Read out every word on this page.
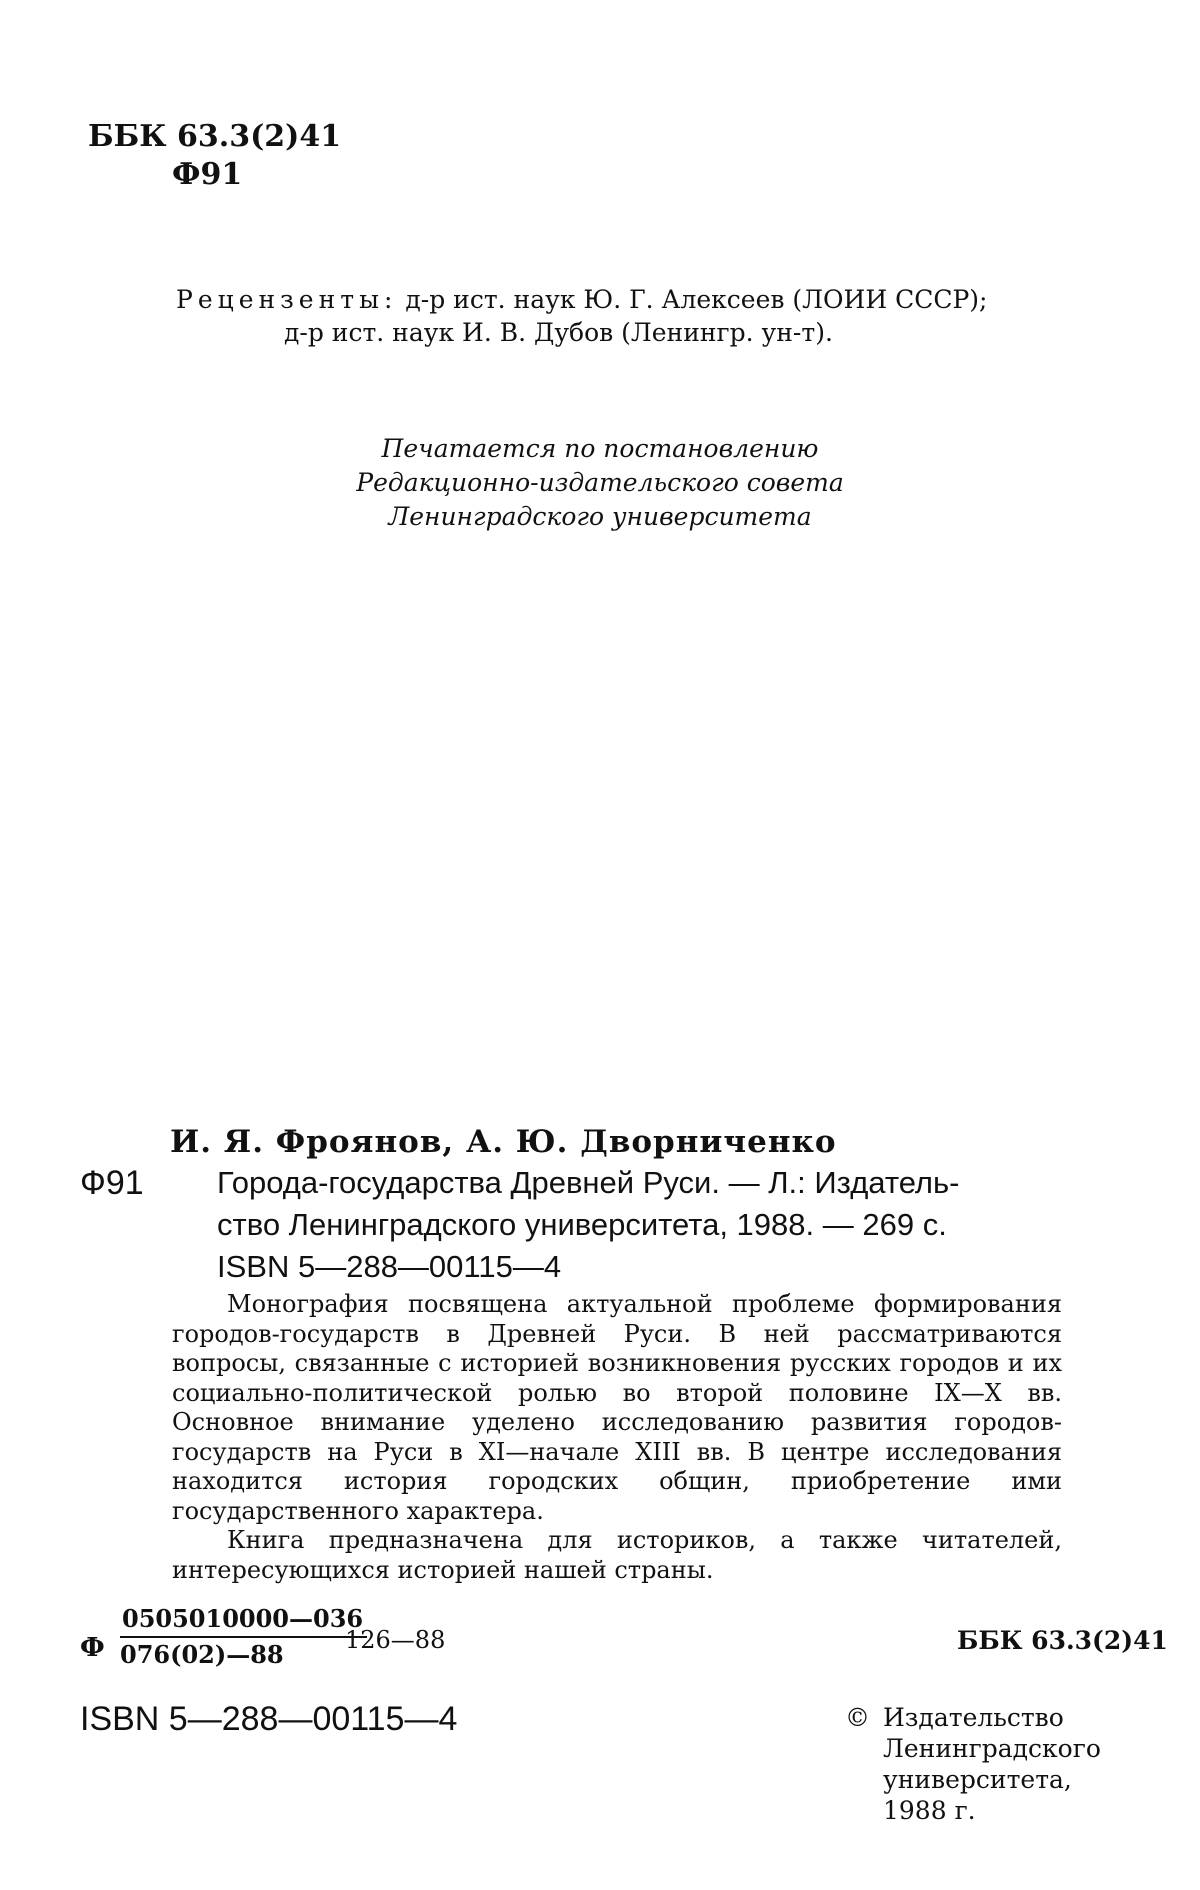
ББК 63.3(2)41
Ф91
Рецензенты: д-р ист. наук Ю. Г. Алексеев (ЛОИИ СССР);
д-р ист. наук И. В. Дубов (Ленингр. ун-т).
Печатается по постановлению
Редакционно-издательского совета
Ленинградского университета
И. Я. Фроянов, А. Ю. Дворниченко
Ф91 Города-государства Древней Руси. — Л.: Издатель-
ство Ленинградского университета, 1988. — 269 с.
ISBN 5—288—00115—4

Монография посвящена актуальной проблеме формирования городов-государств в Древней Руси. В ней рассматриваются вопросы, связанные с историей возникновения русских городов и их социально-политической ролью во второй половине IX—X вв. Основное внимание уделено исследованию развития городов-государств на Руси в XI—начале XIII вв. В центре исследования находится история городских общин, приобретение ими государственного характера.

Книга предназначена для историков, а также читателей, интересующихся историей нашей страны.

Ф $\frac{0505010000—036}{076(02)—88}$
126—88	ББК 63.3(2)41
ISBN 5—288—00115—4	© Издательство
Ленинградского
университета,
1988 г.
